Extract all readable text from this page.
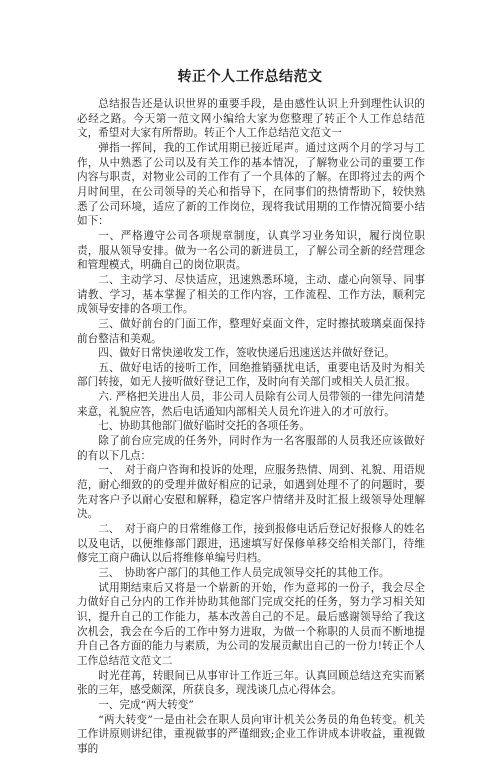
转正个人工作总结范文

总结报告还是认识世界的重要手段，是由感性认识上升到理性认识的必经之路。今天第一范文网小编给大家为您整理了转正个人工作总结范文，希望对大家有所帮助。转正个人工作总结范文范文一

弹指一挥间，我的工作试用期已接近尾声。通过这两个月的学习与工作，从中熟悉了公司以及有关工作的基本情况，了解物业公司的重要工作内容与职责，对物业公司的工作有了一个具体的了解。在即将过去的两个月时间里，在公司领导的关心和指导下，在同事们的热情帮助下，较快熟悉了公司环境，适应了新的工作岗位，现将我试用期的工作情况简要小结如下：

一、严格遵守公司各项规章制度，认真学习业务知识，履行岗位职责，服从领导安排。做为一名公司的新进员工，了解公司全新的经营理念和管理模式，明确自己的岗位职责。

二、主动学习、尽快适应，迅速熟悉环境，主动、虚心向领导、同事请教、学习，基本掌握了相关的工作内容，工作流程、工作方法，顺利完成领导安排的各项工作。

三、做好前台的门面工作，整理好桌面文件，定时擦拭玻璃桌面保持前台整洁和美观。

四、做好日常快递收发工作，签收快递后迅速送达并做好登记。

五、做好电话的接听工作，回绝推销骚扰电话，重要电话及时为相关部门转接，如无人接听做好登记工作，及时向有关部门或相关人员汇报。

六. 严格把关进出人员，非公司人员除有公司人员带领的一律先问清楚来意，礼貌应答，然后电话通知内部相关人员允许进入的才可放行。

七、协助其他部门做好临时交托的各项任务。

除了前台应完成的任务外，同时作为一名客服部的人员我还应该做好的有以下几点：

一、　对于商户咨询和投诉的处理，应服务热情、周到、礼貌、用语规范，耐心细致的的受理并做好相应的记录，如遇到处理不了的问题时，要先对客户予以耐心安慰和解释，稳定客户情绪并及时汇报上级领导处理解决。

二、　对于商户的日常维修工作，接到报修电话后登记好报修人的姓名以及电话，以便维修部门跟进，迅速填写好保修单移交给相关部门，待维修完工商户确认以后将维修单编号归档。

三、　协助客户部门的其他工作人员完成领导交托的其他工作。

试用期结束后又将是一个崭新的开始，作为意邦的一份子，我会尽全力做好自己分内的工作并协助其他部门完成交托的任务，努力学习相关知识，提升自己的工作能力，基本改善自己的不足。最后感谢领导给了我这次机会，我会在今后的工作中努力进取，为做一个称职的人员而不断地提升自己各方面的能力与素质，为公司的发展贡献出自己的一份力!转正个人工作总结范文范文二

时光荏苒，转眼间已从事审计工作近三年。认真回顾总结这充实而紧张的三年，感受颇深，所获良多，现浅谈几点心得体会。

一、完成“两大转变”

“两大转变”一是由社会在职人员向审计机关公务员的角色转变。机关工作讲原则讲纪律，重视做事的严谨细致;企业工作讲成本讲收益，重视做事的
